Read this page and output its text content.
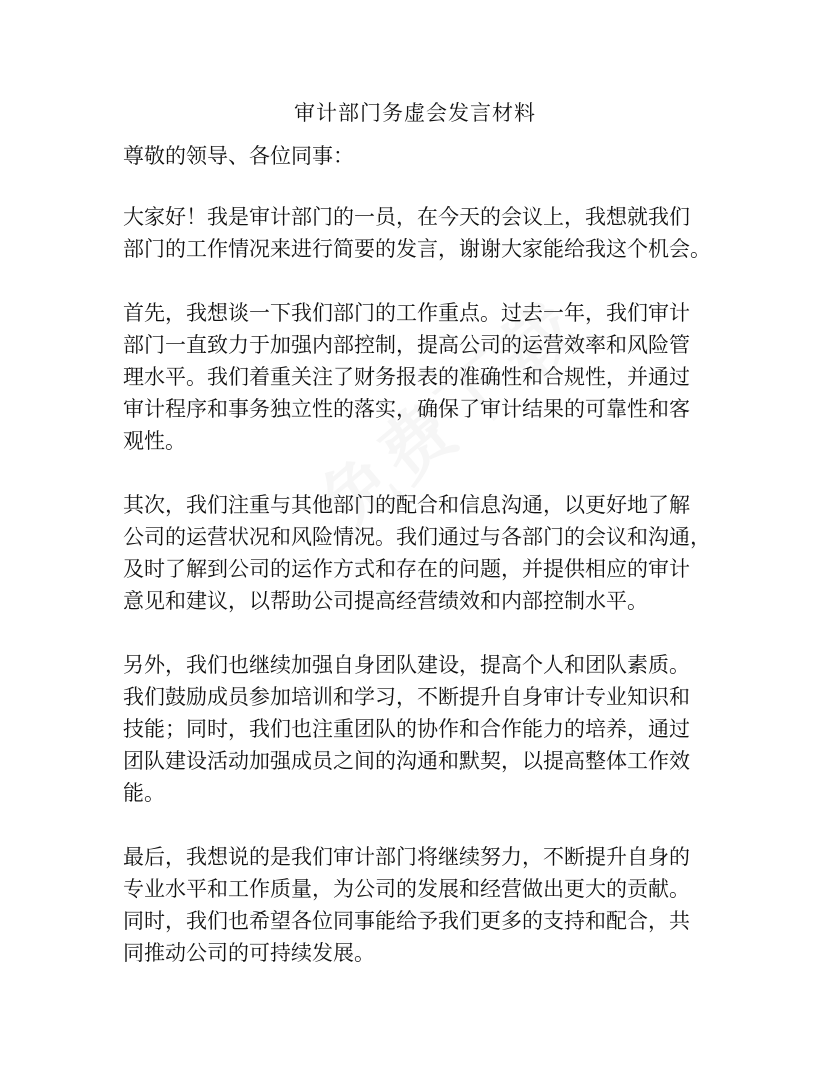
审计部门务虚会发言材料
尊敬的领导、各位同事：

大家好！我是审计部门的一员，在今天的会议上，我想就我们

部门的工作情况来进行简要的发言，谢谢大家能给我这个机会。

首先，我想谈一下我们部门的工作重点。过去一年，我们审计

部门一直致力于加强内部控制，提高公司的运营效率和风险管

理水平。我们着重关注了财务报表的准确性和合规性，并通过

审计程序和事务独立性的落实，确保了审计结果的可靠性和客

观性。

其次，我们注重与其他部门的配合和信息沟通，以更好地了解

公司的运营状况和风险情况。我们通过与各部门的会议和沟通，

及时了解到公司的运作方式和存在的问题，并提供相应的审计

意见和建议，以帮助公司提高经营绩效和内部控制水平。

另外，我们也继续加强自身团队建设，提高个人和团队素质。

我们鼓励成员参加培训和学习，不断提升自身审计专业知识和

技能；同时，我们也注重团队的协作和合作能力的培养，通过

团队建设活动加强成员之间的沟通和默契，以提高整体工作效

能。

最后，我想说的是我们审计部门将继续努力，不断提升自身的

专业水平和工作质量，为公司的发展和经营做出更大的贡献。

同时，我们也希望各位同事能给予我们更多的支持和配合，共

同推动公司的可持续发展。
